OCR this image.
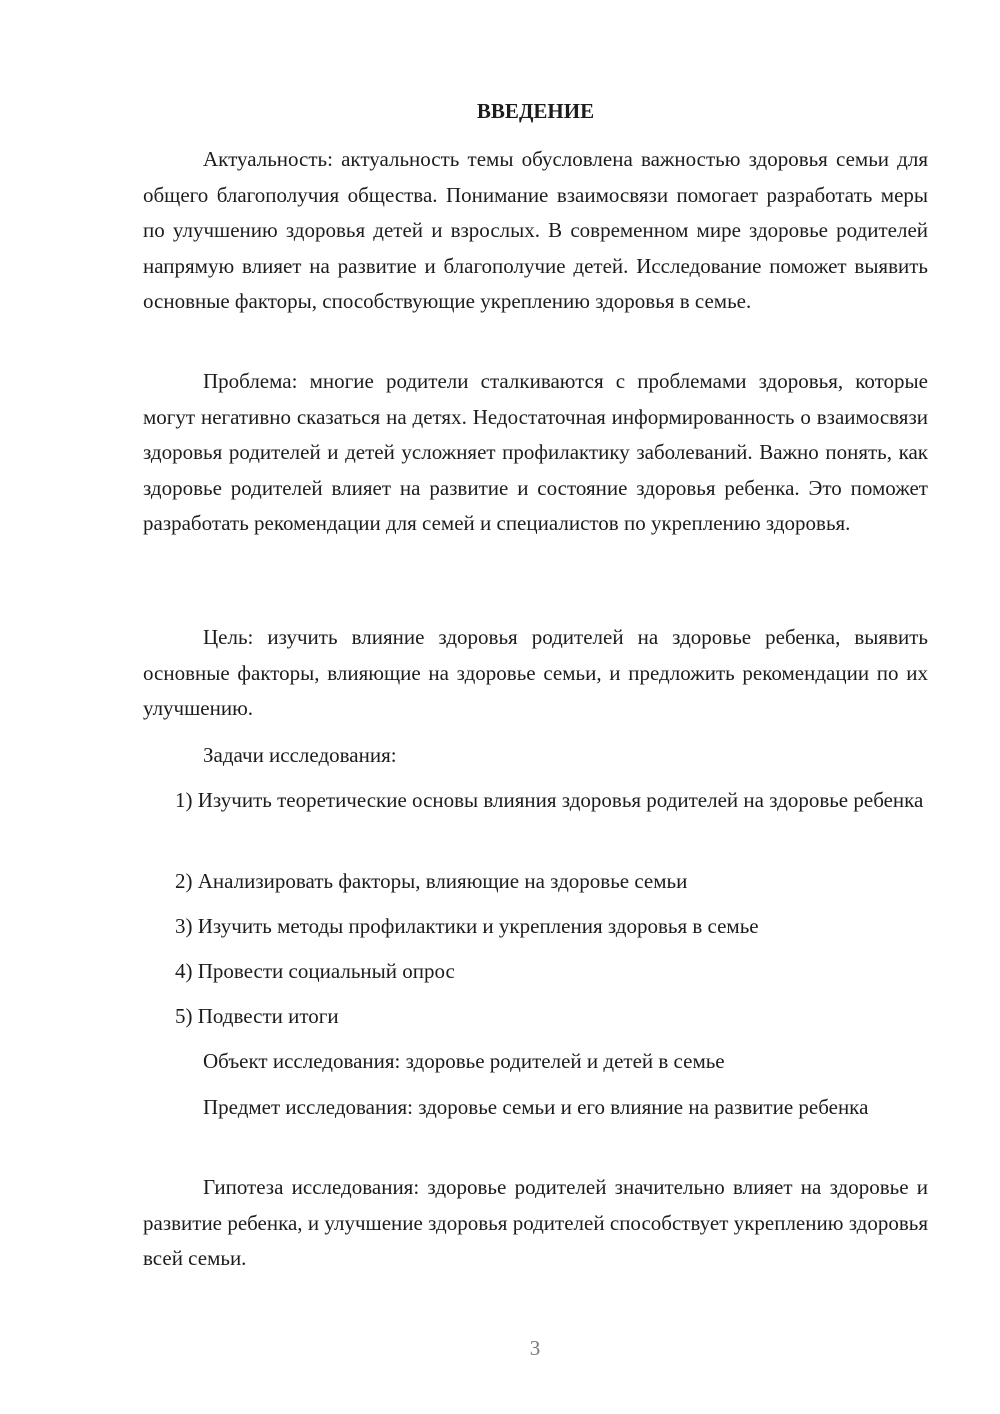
ВВЕДЕНИЕ
Актуальность: актуальность темы обусловлена важностью здоровья семьи для общего благополучия общества. Понимание взаимосвязи помогает разработать меры по улучшению здоровья детей и взрослых. В современном мире здоровье родителей напрямую влияет на развитие и благополучие детей. Исследование поможет выявить основные факторы, способствующие укреплению здоровья в семье.
Проблема: многие родители сталкиваются с проблемами здоровья, которые могут негативно сказаться на детях. Недостаточная информированность о взаимосвязи здоровья родителей и детей усложняет профилактику заболеваний. Важно понять, как здоровье родителей влияет на развитие и состояние здоровья ребенка. Это поможет разработать рекомендации для семей и специалистов по укреплению здоровья.
Цель: изучить влияние здоровья родителей на здоровье ребенка, выявить основные факторы, влияющие на здоровье семьи, и предложить рекомендации по их улучшению.
Задачи исследования:
1) Изучить теоретические основы влияния здоровья родителей на здоровье ребенка
2) Анализировать факторы, влияющие на здоровье семьи
3) Изучить методы профилактики и укрепления здоровья в семье
4) Провести социальный опрос
5) Подвести итоги
Объект исследования: здоровье родителей и детей в семье
Предмет исследования: здоровье семьи и его влияние на развитие ребенка
Гипотеза исследования: здоровье родителей значительно влияет на здоровье и развитие ребенка, и улучшение здоровья родителей способствует укреплению здоровья всей семьи.
3
